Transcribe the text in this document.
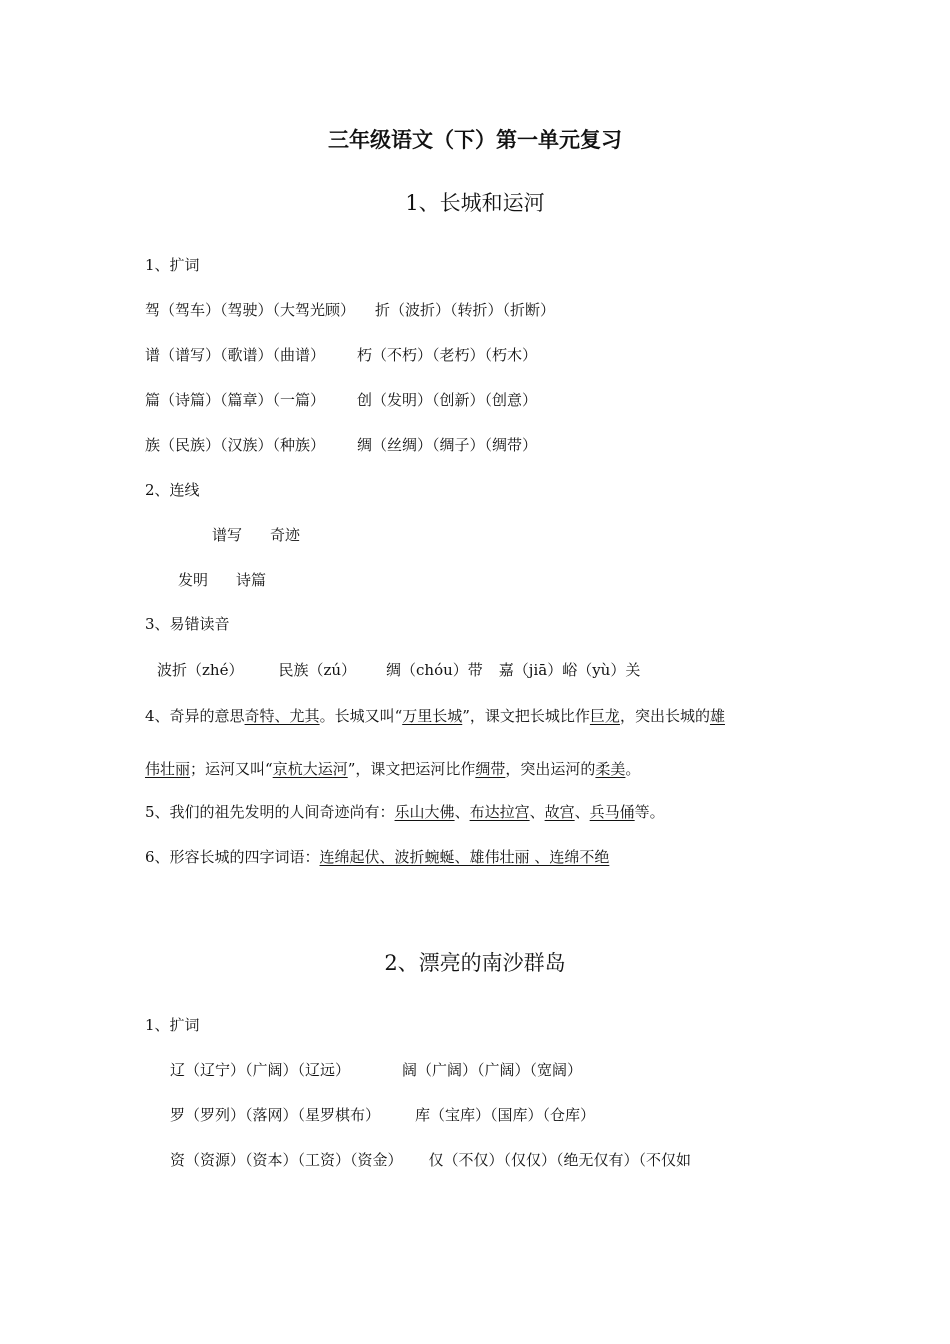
三年级语文（下）第一单元复习
1、长城和运河
1、扩词
驾（驾车）（驾驶）（大驾光顾） 折（波折）（转折）（折断）
谱（谱写）（歌谱）（曲谱） 朽（不朽）（老朽）（朽木）
篇（诗篇）（篇章）（一篇） 创（发明）（创新）（创意）
族（民族）（汉族）（种族） 绸（丝绸）（绸子）（绸带）
2、连线
谱写 奇迹
发明 诗篇
3、易错读音
波折（zhé） 民族（zú） 绸（chóu）带 嘉（jiā）峪（yù）关
4、奇异的意思奇特、尤其。长城又叫“万里长城”，课文把长城比作巨龙，突出长城的雄
伟壮丽；运河又叫“京杭大运河”，课文把运河比作绸带，突出运河的柔美。
5、我们的祖先发明的人间奇迹尚有：乐山大佛、布达拉宫、故宫、兵马俑等。
6、形容长城的四字词语：连绵起伏、波折蜿蜒、雄伟壮丽 、连绵不绝
2、漂亮的南沙群岛
1、扩词
辽（辽宁）（广阔）（辽远）	阔（广阔）（广阔）（宽阔）
罗（罗列）（落网）（星罗棋布） 库（宝库）（国库）（仓库）
资（资源）（资本）（工资）（资金） 仅（不仅）（仅仅）（绝无仅有）（不仅如
